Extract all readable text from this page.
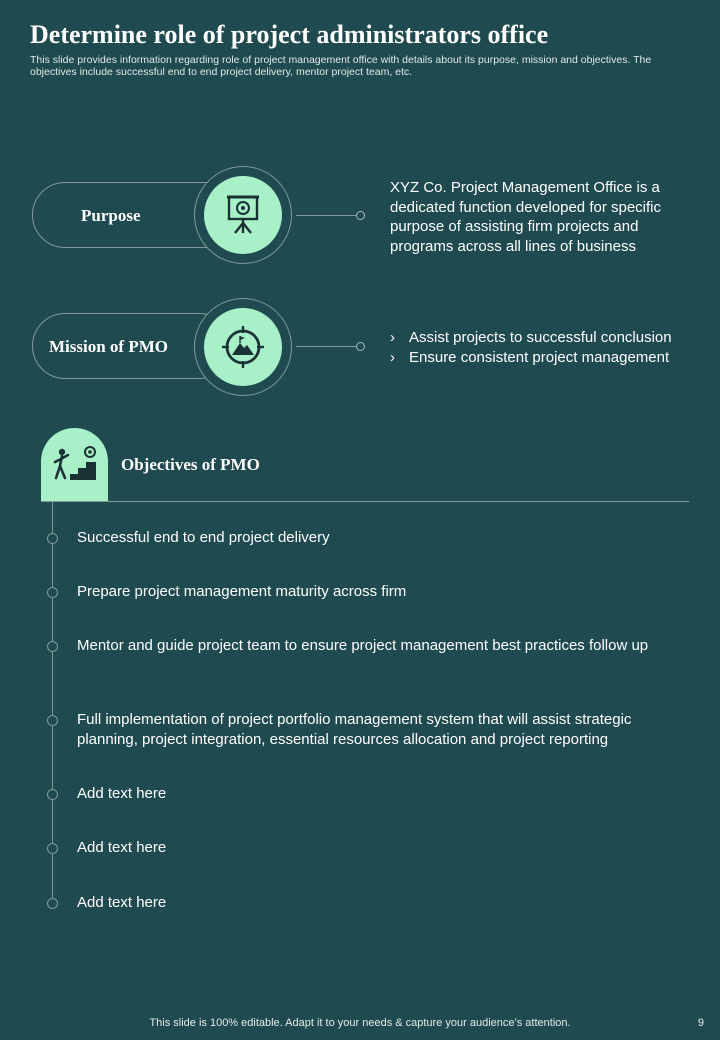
Determine role of project administrators office

This slide provides information regarding role of project management office with details about its purpose, mission and objectives. The objectives include successful end to end project delivery, mentor project team, etc.

Purpose

XYZ Co. Project Management Office is a dedicated function developed for specific purpose of assisting firm projects and programs across all lines of business

Mission of PMO
›	Assist projects to successful conclusion
› Ensure consistent project management
Objectives of PMO

Successful end to end project delivery

Prepare project management maturity across firm

Mentor and guide project team to ensure project management best practices follow up

Full implementation of project portfolio management system that will assist strategic planning, project integration, essential resources allocation and project reporting

Add text here

Add text here

Add text here

This slide is 100% editable. Adapt it to your needs & capture your audience’s attention.	9
